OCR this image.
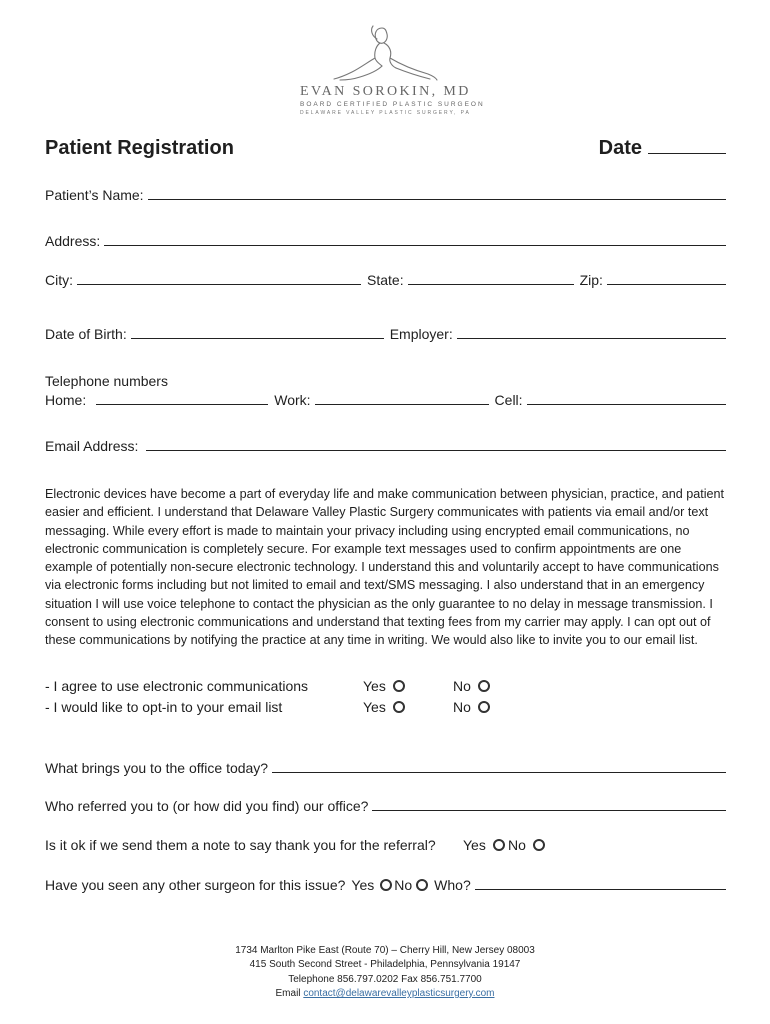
EVAN SOROKIN, MD
BOARD CERTIFIED PLASTIC SURGEON
DELAWARE VALLEY PLASTIC SURGERY, PA
Patient Registration	Date
Patient’s Name:
Address:
City:	State:	Zip:
Date of Birth:	Employer:
Telephone numbers
Home:	Work:	Cell:
Email Address:
Electronic devices have become a part of everyday life and make communication between physician, practice, and patient easier and efficient. I understand that Delaware Valley Plastic Surgery communicates with patients via email and/or text messaging. While every effort is made to maintain your privacy including using encrypted email communications, no electronic communication is completely secure. For example text messages used to confirm appointments are one example of potentially non-secure electronic technology. I understand this and voluntarily accept to have communications via electronic forms including but not limited to email and text/SMS messaging. I also understand that in an emergency situation I will use voice telephone to contact the physician as the only guarantee to no delay in message transmission. I consent to using electronic communications and understand that texting fees from my carrier may apply. I can opt out of these communications by notifying the practice at any time in writing. We would also like to invite you to our email list.
- I agree to use electronic communications	Yes	No
- I would like to opt-in to your email list	Yes	No
What brings you to the office today?
Who referred you to (or how did you find) our office?
Is it ok if we send them a note to say thank you for the referral? Yes No
Have you seen any other surgeon for this issue? Yes No Who?
1734 Marlton Pike East (Route 70) – Cherry Hill, New Jersey 08003
415 South Second Street - Philadelphia, Pennsylvania 19147
Telephone 856.797.0202 Fax 856.751.7700
Email contact@delawarevalleyplasticsurgery.com
